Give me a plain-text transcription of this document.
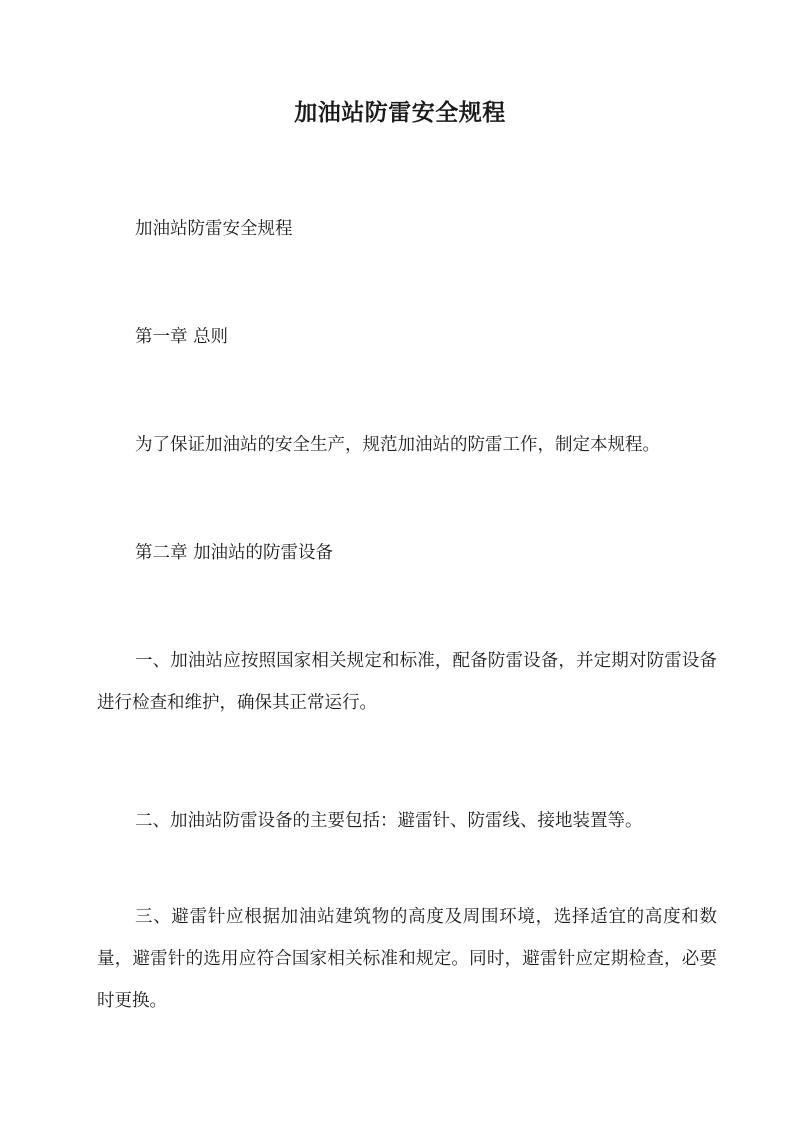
加油站防雷安全规程

加油站防雷安全规程

第一章 总则

为了保证加油站的安全生产，规范加油站的防雷工作，制定本规程。

第二章 加油站的防雷设备

一、加油站应按照国家相关规定和标准，配备防雷设备，并定期对防雷设备进行检查和维护，确保其正常运行。

二、加油站防雷设备的主要包括：避雷针、防雷线、接地装置等。

三、避雷针应根据加油站建筑物的高度及周围环境，选择适宜的高度和数量，避雷针的选用应符合国家相关标准和规定。同时，避雷针应定期检查，必要时更换。
